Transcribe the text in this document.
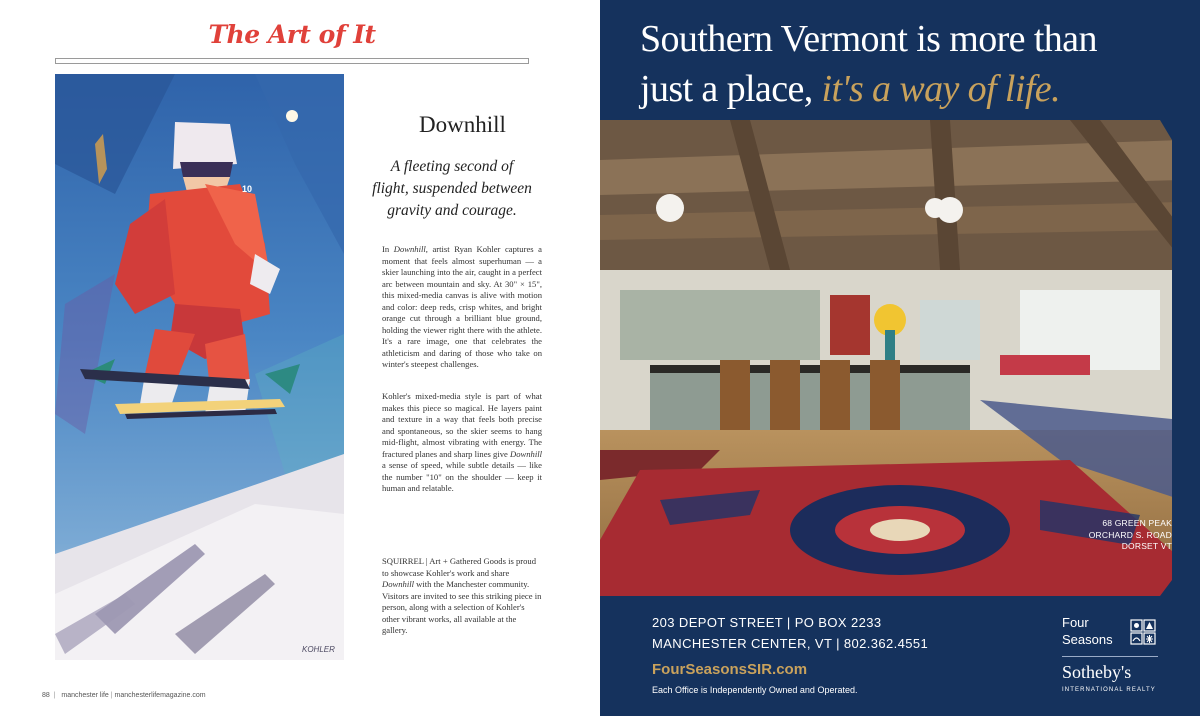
The Art of It
10
KOHLER
Downhill
A fleeting second of flight, suspended between gravity and courage.

In Downhill, artist Ryan Kohler captures a moment that feels almost superhuman — a skier launching into the air, caught in a perfect arc between mountain and sky. At 30" × 15", this mixed-media canvas is alive with motion and color: deep reds, crisp whites, and bright orange cut through a brilliant blue ground, holding the viewer right there with the athlete. It's a rare image, one that celebrates the athleticism and daring of those who take on winter's steepest challenges.

Kohler's mixed-media style is part of what makes this piece so magical. He layers paint and texture in a way that feels both precise and spontaneous, so the skier seems to hang mid-flight, almost vibrating with energy. The fractured planes and sharp lines give Downhill a sense of speed, while subtle details — like the number "10" on the shoulder — keep it human and relatable.

SQUIRREL | Art + Gathered Goods is proud to showcase Kohler's work and share Downhill with the Manchester community. Visitors are invited to see this striking piece in person, along with a selection of Kohler's other vibrant works, all available at the gallery.

88  |   manchester life | manchesterlifemagazine.com
Southern Vermont is more than
just a place, it's a way of life.
68 GREEN PEAK
ORCHARD S. ROAD
DORSET VT
203 DEPOT STREET | PO BOX 2233
MANCHESTER CENTER, VT | 802.362.4551
FourSeasonsSIR.com
Each Office is Independently Owned and Operated.
Four
Seasons
Sotheby's
INTERNATIONAL REALTY
